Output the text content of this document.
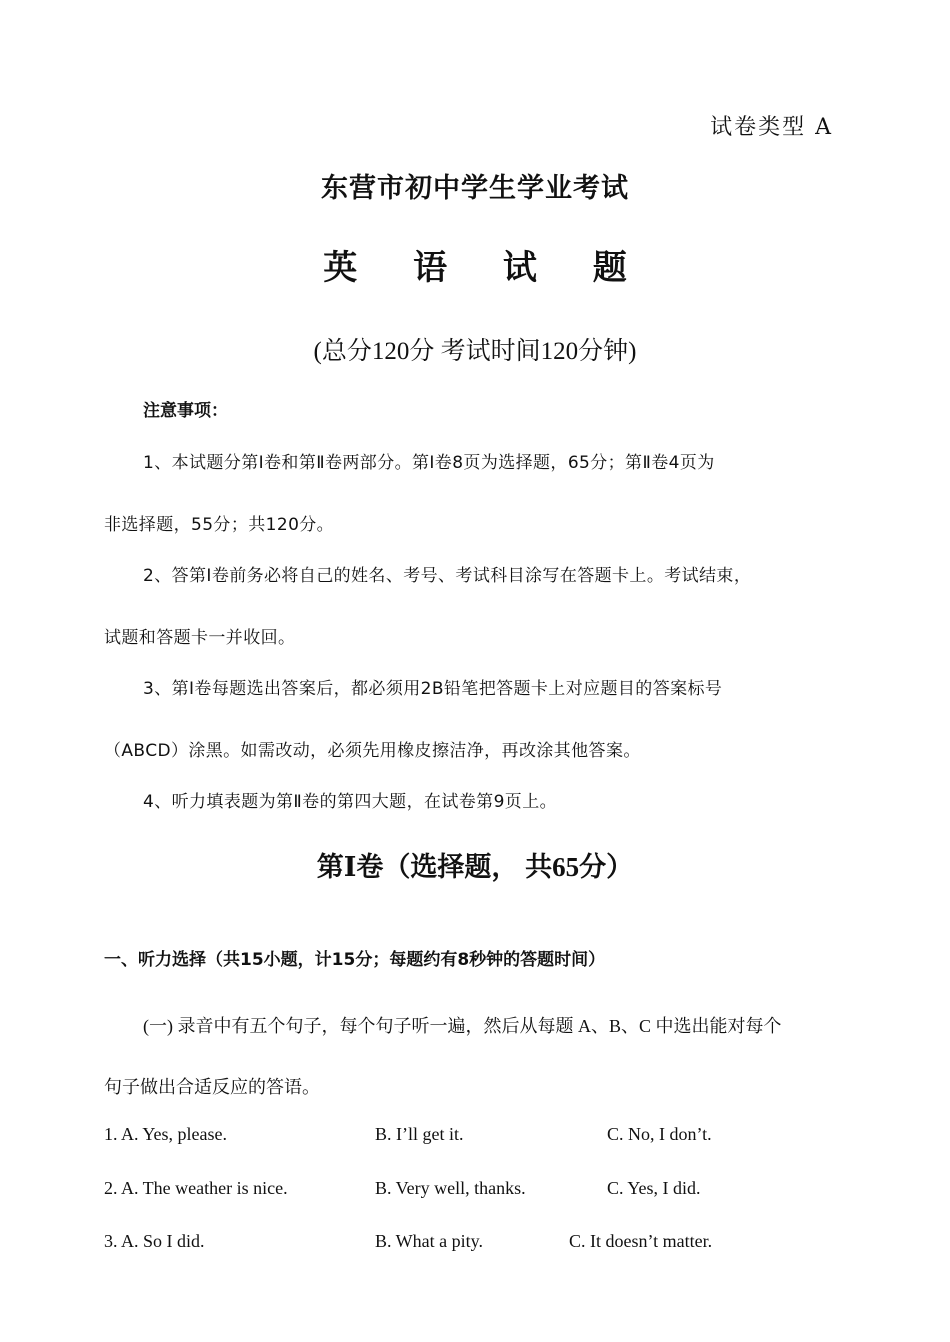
试卷类型 A
东营市初中学生学业考试
英 语 试 题
(总分120分 考试时间120分钟)
注意事项：
1、本试题分第Ⅰ卷和第Ⅱ卷两部分。第Ⅰ卷8页为选择题，65分；第Ⅱ卷4页为
非选择题，55分；共120分。
2、答第Ⅰ卷前务必将自己的姓名、考号、考试科目涂写在答题卡上。考试结束，
试题和答题卡一并收回。
3、第Ⅰ卷每题选出答案后，都必须用2B铅笔把答题卡上对应题目的答案标号
（ABCD）涂黑。如需改动，必须先用橡皮擦洁净，再改涂其他答案。
4、听力填表题为第Ⅱ卷的第四大题，在试卷第9页上。
第Ⅰ卷（选择题， 共65分）
一、听力选择（共15小题，计15分；每题约有8秒钟的答题时间）
(一) 录音中有五个句子，每个句子听一遍，然后从每题 A、B、C 中选出能对每个
句子做出合适反应的答语。
1. A. Yes, please.	B. I’ll get it.	C. No, I don’t.
2. A. The weather is nice.	B. Very well, thanks.	C. Yes, I did.
3. A. So I did.	B. What a pity.	C. It doesn’t matter.
